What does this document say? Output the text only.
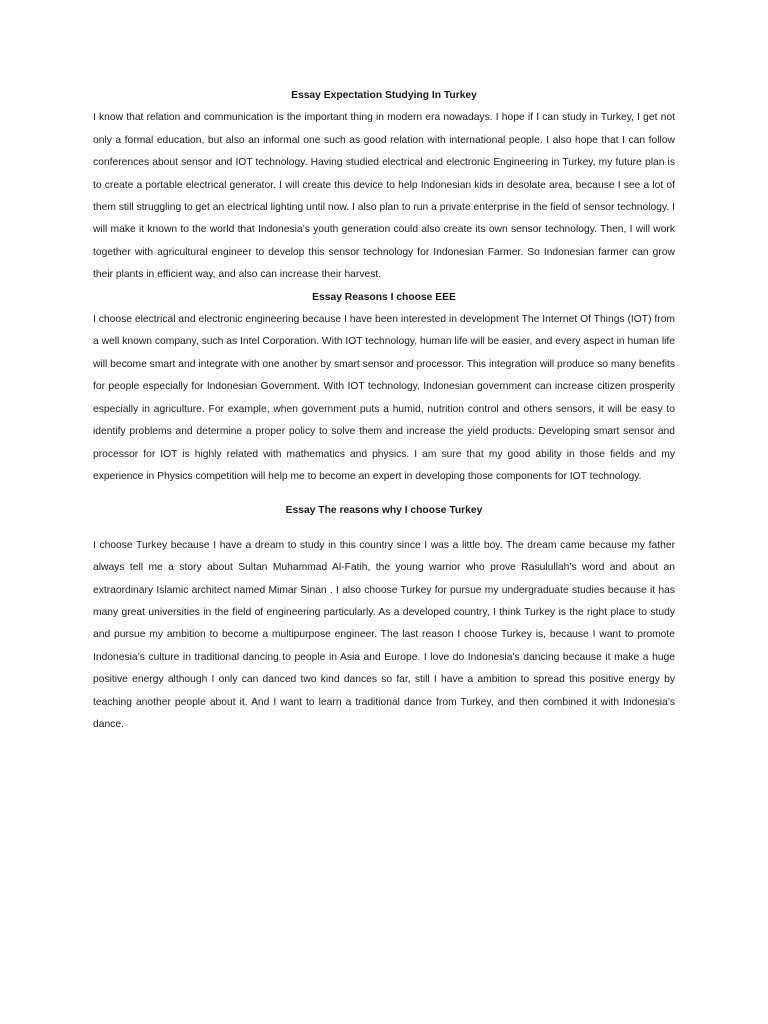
Essay Expectation Studying In Turkey

I know that relation and communication is the important thing in modern era nowadays. I hope if I can study in Turkey, I get not only a formal education, but also an informal one such as good relation with international people. I also hope that I can follow conferences about sensor and IOT technology. Having studied electrical and electronic Engineering in Turkey, my future plan is to create a portable electrical generator. I will create this device to help Indonesian kids in desolate area, because I see a lot of them still struggling to get an electrical lighting until now. I also plan to run a private enterprise in the field of sensor technology. I will make it known to the world that Indonesia’s youth generation could also create its own sensor technology. Then, I will work together with agricultural engineer to develop this sensor technology for Indonesian Farmer. So Indonesian farmer can grow their plants in efficient way, and also can increase their harvest.

Essay Reasons I choose EEE

I choose electrical and electronic engineering because I have been interested in development The Internet Of Things (IOT) from a well known company, such as Intel Corporation. With IOT technology, human life will be easier, and every aspect in human life will become smart and integrate with one another by smart sensor and processor. This integration will produce so many benefits for people especially for Indonesian Government. With IOT technology, Indonesian government can increase citizen prosperity especially in agriculture. For example, when government puts a humid, nutrition control and others sensors, it will be easy to identify problems and determine a proper policy to solve them and increase the yield products. Developing smart sensor and processor for IOT is highly related with mathematics and physics. I am sure that my good ability in those fields and my experience in Physics competition will help me to become an expert in developing those components for IOT technology.

Essay The reasons why I choose Turkey

I choose Turkey because I have a dream to study in this country since I was a little boy. The dream came because my father always tell me a story about Sultan Muhammad Al-Fatih, the young warrior who prove Rasulullah’s word and about an extraordinary Islamic architect named Mimar Sinan . I also choose Turkey for pursue my undergraduate studies because it has many great universities in the field of engineering particularly. As a developed country, I think Turkey is the right place to study and pursue my ambition to become a multipurpose engineer. The last reason I choose Turkey is, because I want to promote Indonesia’s culture in traditional dancing to people in Asia and Europe. I love do Indonesia’s dancing because it make a huge positive energy although I only can danced two kind dances so far, still I have a ambition to spread this positive energy by teaching another people about it. And I want to learn a traditional dance from Turkey, and then combined it with Indonesia’s dance.
